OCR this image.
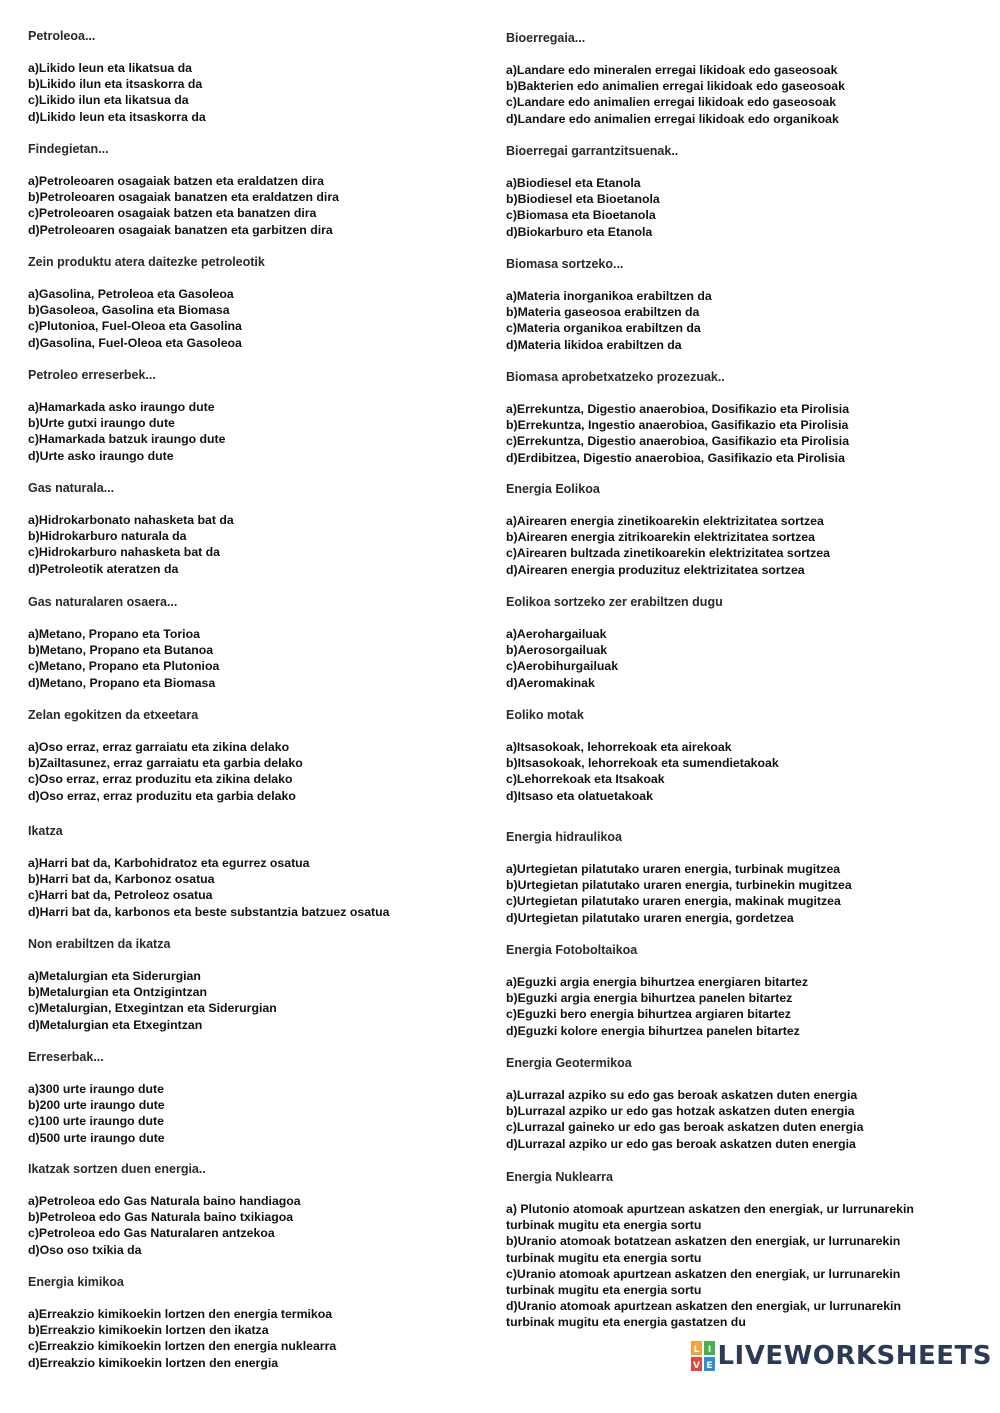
Petroleoa...
a)Likido leun eta likatsua da
b)Likido ilun eta itsaskorra da
c)Likido ilun eta likatsua da
d)Likido leun eta itsaskorra da
Findegietan...
a)Petroleoaren osagaiak batzen eta eraldatzen dira
b)Petroleoaren osagaiak banatzen eta eraldatzen dira
c)Petroleoaren osagaiak batzen eta banatzen dira
d)Petroleoaren osagaiak banatzen eta garbitzen dira
Zein produktu atera daitezke petroleotik
a)Gasolina, Petroleoa eta Gasoleoa
b)Gasoleoa, Gasolina eta Biomasa
c)Plutonioa, Fuel-Oleoa eta Gasolina
d)Gasolina, Fuel-Oleoa eta Gasoleoa
Petroleo erreserbek...
a)Hamarkada asko iraungo dute
b)Urte gutxi iraungo dute
c)Hamarkada batzuk iraungo dute
d)Urte asko iraungo dute
Gas naturala...
a)Hidrokarbonato nahasketa bat da
b)Hidrokarburo naturala da
c)Hidrokarburo nahasketa bat da
d)Petroleotik ateratzen da
Gas naturalaren osaera...
a)Metano, Propano eta Torioa
b)Metano, Propano eta Butanoa
c)Metano, Propano eta Plutonioa
d)Metano, Propano eta Biomasa
Zelan egokitzen da etxeetara
a)Oso erraz, erraz garraiatu eta zikina delako
b)Zailtasunez, erraz garraiatu eta garbia delako
c)Oso erraz, erraz produzitu eta zikina delako
d)Oso erraz, erraz produzitu eta garbia delako
Ikatza
a)Harri bat da, Karbohidratoz eta egurrez osatua
b)Harri bat da, Karbonoz osatua
c)Harri bat da, Petroleoz osatua
d)Harri bat da, karbonos eta beste substantzia batzuez osatua
Non erabiltzen da ikatza
a)Metalurgian eta Siderurgian
b)Metalurgian eta Ontzigintzan
c)Metalurgian, Etxegintzan eta Siderurgian
d)Metalurgian eta Etxegintzan
Erreserbak...
a)300 urte iraungo dute
b)200 urte iraungo dute
c)100 urte iraungo dute
d)500 urte iraungo dute
Ikatzak sortzen duen energia..
a)Petroleoa edo Gas Naturala baino handiagoa
b)Petroleoa edo Gas Naturala baino txikiagoa
c)Petroleoa edo Gas Naturalaren antzekoa
d)Oso oso txikia da
Energia kimikoa
a)Erreakzio kimikoekin lortzen den energia termikoa
b)Erreakzio kimikoekin lortzen den ikatza
c)Erreakzio kimikoekin lortzen den energia nuklearra
d)Erreakzio kimikoekin lortzen den energia
Bioerregaia...
a)Landare edo mineralen erregai likidoak edo gaseosoak
b)Bakterien edo animalien erregai likidoak edo gaseosoak
c)Landare edo animalien erregai likidoak edo gaseosoak
d)Landare edo animalien erregai likidoak edo organikoak
Bioerregai garrantzitsuenak..
a)Biodiesel eta Etanola
b)Biodiesel eta Bioetanola
c)Biomasa eta Bioetanola
d)Biokarburo eta Etanola
Biomasa sortzeko...
a)Materia inorganikoa erabiltzen da
b)Materia gaseosoa erabiltzen da
c)Materia organikoa erabiltzen da
d)Materia likidoa erabiltzen da
Biomasa aprobetxatzeko prozezuak..
a)Errekuntza, Digestio anaerobioa, Dosifikazio eta Pirolisia
b)Errekuntza, Ingestio anaerobioa, Gasifikazio eta Pirolisia
c)Errekuntza, Digestio anaerobioa, Gasifikazio eta Pirolisia
d)Erdibitzea, Digestio anaerobioa, Gasifikazio eta Pirolisia
Energia Eolikoa
a)Airearen energia zinetikoarekin elektrizitatea sortzea
b)Airearen energia zitrikoarekin elektrizitatea sortzea
c)Airearen bultzada zinetikoarekin elektrizitatea sortzea
d)Airearen energia produzituz elektrizitatea sortzea
Eolikoa sortzeko zer erabiltzen dugu
a)Aerohargailuak
b)Aerosorgailuak
c)Aerobihurgailuak
d)Aeromakinak
Eoliko motak
a)Itsasokoak, lehorrekoak eta airekoak
b)Itsasokoak, lehorrekoak eta sumendietakoak
c)Lehorrekoak eta Itsakoak
d)Itsaso eta olatuetakoak
Energia hidraulikoa
a)Urtegietan pilatutako uraren energia, turbinak mugitzea
b)Urtegietan pilatutako uraren energia, turbinekin mugitzea
c)Urtegietan pilatutako uraren energia, makinak mugitzea
d)Urtegietan pilatutako uraren energia, gordetzea
Energia Fotoboltaikoa
a)Eguzki argia energia bihurtzea energiaren bitartez
b)Eguzki argia energia bihurtzea panelen bitartez
c)Eguzki bero energia bihurtzea argiaren bitartez
d)Eguzki kolore energia bihurtzea panelen bitartez
Energia Geotermikoa
a)Lurrazal azpiko su edo gas beroak askatzen duten energia
b)Lurrazal azpiko ur edo gas hotzak askatzen duten energia
c)Lurrazal gaineko ur edo gas beroak askatzen duten energia
d)Lurrazal azpiko ur edo gas beroak askatzen duten energia
Energia Nuklearra
a) Plutonio atomoak apurtzean askatzen den energiak, ur lurrunarekin turbinak mugitu eta energia sortu
b)Uranio atomoak botatzean askatzen den energiak, ur lurrunarekin turbinak mugitu eta energia sortu
c)Uranio atomoak apurtzean askatzen den energiak, ur lurrunarekin turbinak mugitu eta energia sortu
d)Uranio atomoak apurtzean askatzen den energiak, ur lurrunarekin turbinak mugitu eta energia gastatzen du
L I
V E LIVEWORKSHEETS
